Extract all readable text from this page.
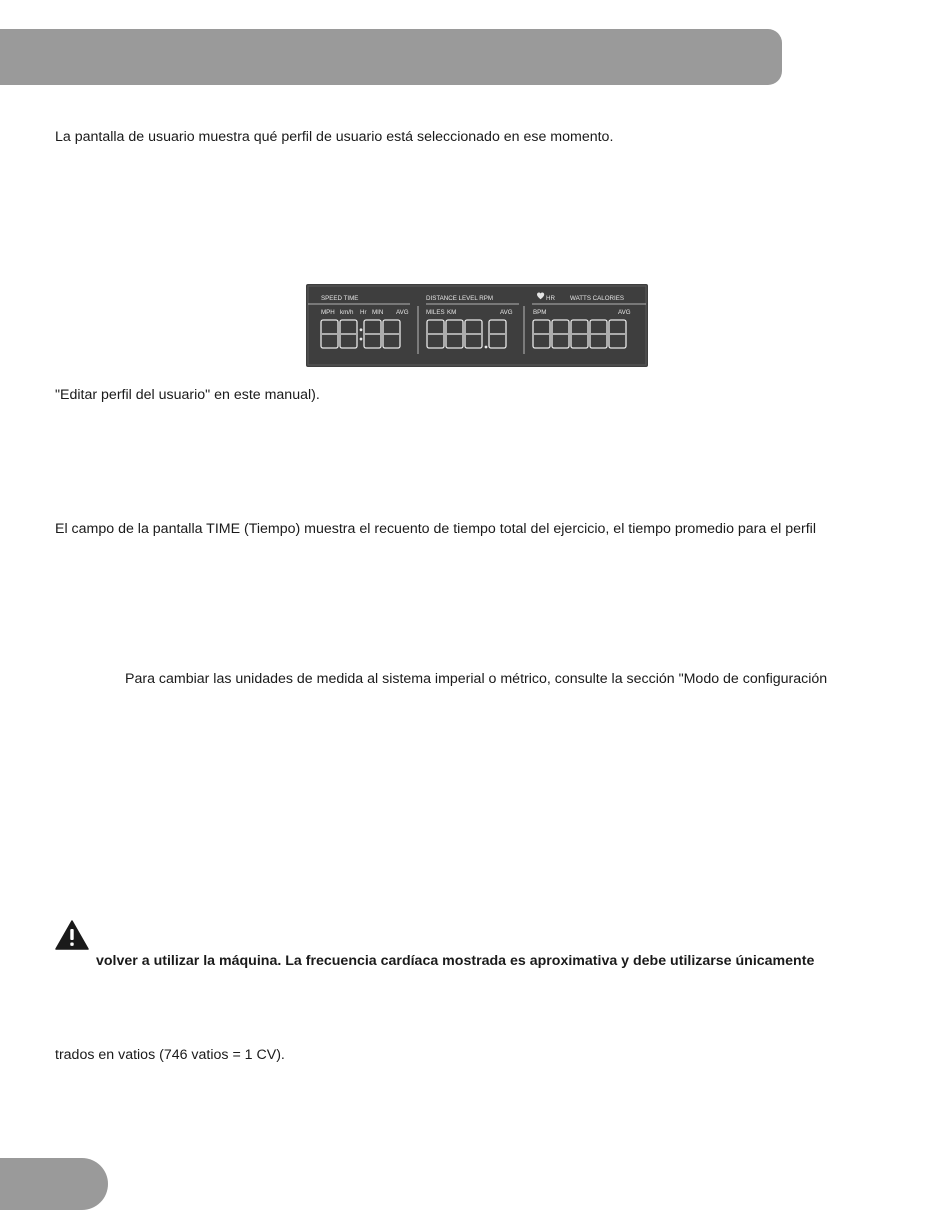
La pantalla de usuario muestra qué perfil de usuario está seleccionado en ese momento.
SPEED TIME
MPH km/h Hr MIN AVG
DISTANCE LEVEL RPM
MILES KM	AVG
HR WATTS CALORIES
BPM	AVG
"Editar perfil del usuario" en este manual).
El campo de la pantalla TIME (Tiempo) muestra el recuento de tiempo total del ejercicio, el tiempo promedio para el perfil
Para cambiar las unidades de medida al sistema imperial o métrico, consulte la sección "Modo de configuración
volver a utilizar la máquina. La frecuencia cardíaca mostrada es aproximativa y debe utilizarse únicamente
trados en vatios (746 vatios = 1 CV).
